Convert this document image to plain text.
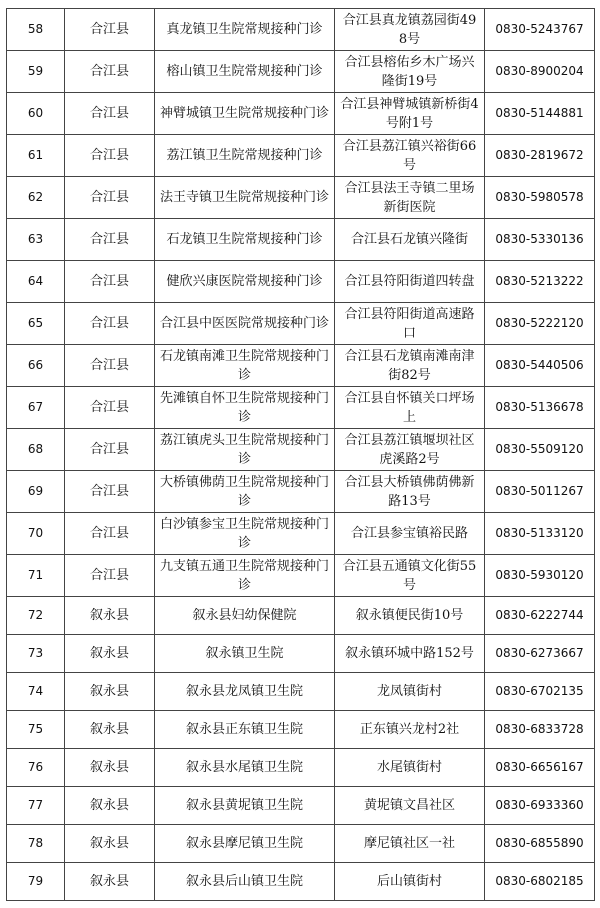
58	合江县	真龙镇卫生院常规接种门诊	合江县真龙镇荔园街498号	0830-5243767
59	合江县	榕山镇卫生院常规接种门诊	合江县榕佑乡木广场兴隆街19号	0830-8900204
60	合江县	神臂城镇卫生院常规接种门诊	合江县神臂城镇新桥街4号附1号	0830-5144881
61	合江县	荔江镇卫生院常规接种门诊	合江县荔江镇兴裕街66号	0830-2819672
62	合江县	法王寺镇卫生院常规接种门诊	合江县法王寺镇二里场新街医院	0830-5980578
63	合江县	石龙镇卫生院常规接种门诊	合江县石龙镇兴隆街	0830-5330136
64	合江县	健欣兴康医院常规接种门诊	合江县符阳街道四转盘	0830-5213222
65	合江县	合江县中医医院常规接种门诊	合江县符阳街道高速路口	0830-5222120
66	合江县	石龙镇南滩卫生院常规接种门诊	合江县石龙镇南滩南津街82号	0830-5440506
67	合江县	先滩镇自怀卫生院常规接种门诊	合江县自怀镇关口坪场上	0830-5136678
68	合江县	荔江镇虎头卫生院常规接种门诊	合江县荔江镇堰坝社区虎溪路2号	0830-5509120
69	合江县	大桥镇佛荫卫生院常规接种门诊	合江县大桥镇佛荫佛新路13号	0830-5011267
70	合江县	白沙镇参宝卫生院常规接种门诊	合江县参宝镇裕民路	0830-5133120
71	合江县	九支镇五通卫生院常规接种门诊	合江县五通镇文化街55号	0830-5930120
72	叙永县	叙永县妇幼保健院	叙永镇便民街10号	0830-6222744
73	叙永县	叙永镇卫生院	叙永镇环城中路152号	0830-6273667
74	叙永县	叙永县龙凤镇卫生院	龙凤镇街村	0830-6702135
75	叙永县	叙永县正东镇卫生院	正东镇兴龙村2社	0830-6833728
76	叙永县	叙永县水尾镇卫生院	水尾镇街村	0830-6656167
77	叙永县	叙永县黄坭镇卫生院	黄坭镇文昌社区	0830-6933360
78	叙永县	叙永县摩尼镇卫生院	摩尼镇社区一社	0830-6855890
79	叙永县	叙永县后山镇卫生院	后山镇街村	0830-6802185
